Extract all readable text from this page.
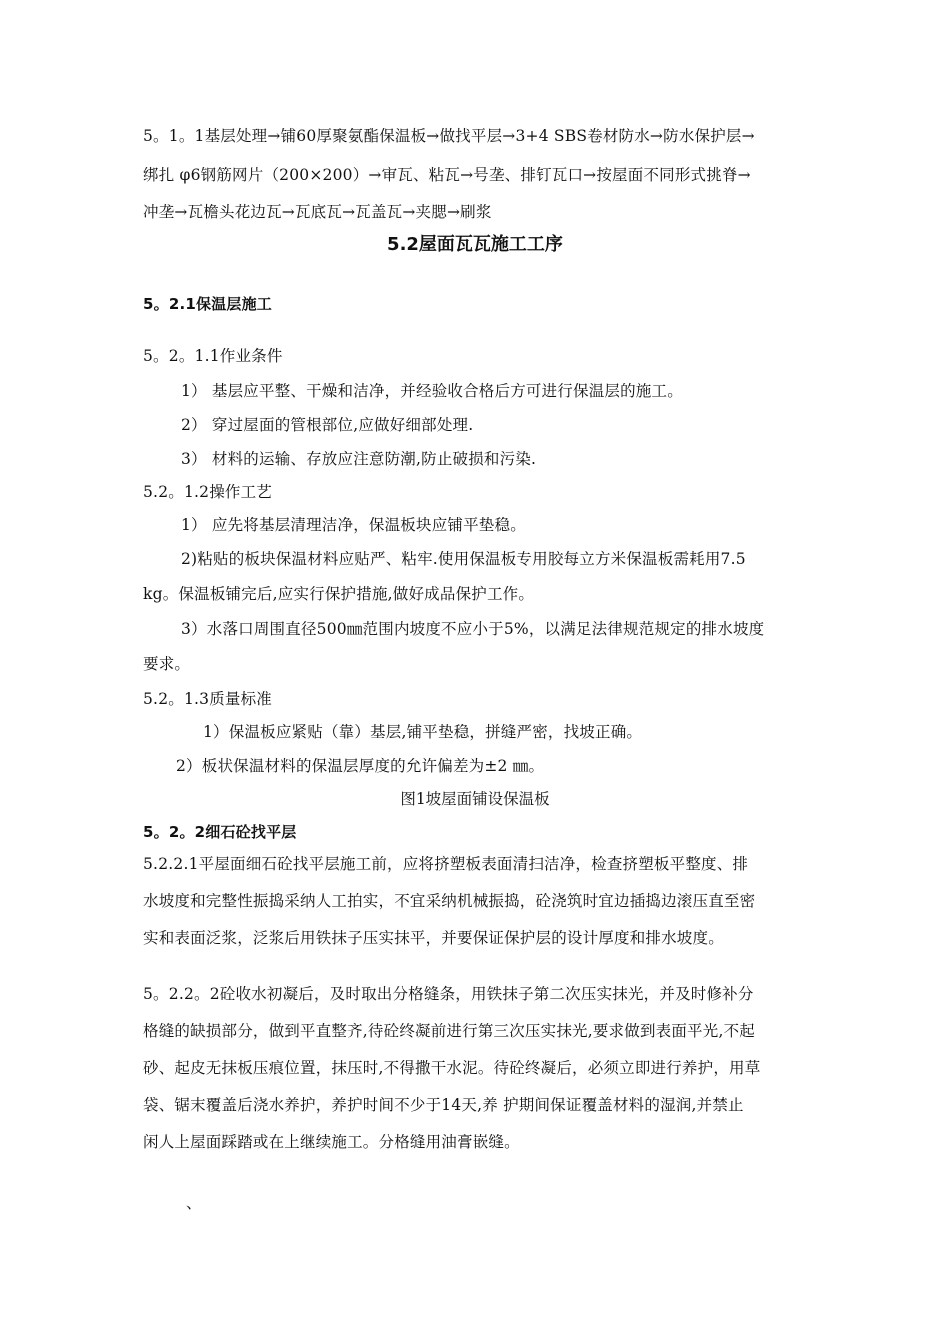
5。1。1基层处理→铺60厚聚氨酯保温板→做找平层→3+4 SBS卷材防水→防水保护层→
绑扎 φ6钢筋网片（200×200）→审瓦、粘瓦→号垄、排钉瓦口→按屋面不同形式挑脊→
冲垄→瓦檐头花边瓦→瓦底瓦→瓦盖瓦→夹腮→刷浆
5.2屋面瓦瓦施工工序
5。2.1保温层施工
5。2。1.1作业条件
1） 基层应平整、干燥和洁净，并经验收合格后方可进行保温层的施工。
2） 穿过屋面的管根部位,应做好细部处理.
3） 材料的运输、存放应注意防潮,防止破损和污染.
5.2。1.2操作工艺
1） 应先将基层清理洁净，保温板块应铺平垫稳。
2)粘贴的板块保温材料应贴严、粘牢.使用保温板专用胶每立方米保温板需耗用7.5
kg。保温板铺完后,应实行保护措施,做好成品保护工作。
3）水落口周围直径500㎜范围内坡度不应小于5%，以满足法律规范规定的排水坡度
要求。
5.2。1.3质量标准
1）保温板应紧贴（靠）基层,铺平垫稳，拼缝严密，找坡正确。
2）板状保温材料的保温层厚度的允许偏差为±2 ㎜。
图1坡屋面铺设保温板
5。2。2细石砼找平层
5.2.2.1平屋面细石砼找平层施工前，应将挤塑板表面清扫洁净，检查挤塑板平整度、排
水坡度和完整性振捣采纳人工拍实，不宜采纳机械振捣，砼浇筑时宜边插捣边滚压直至密
实和表面泛浆，泛浆后用铁抹子压实抹平，并要保证保护层的设计厚度和排水坡度。
5。2.2。2砼收水初凝后，及时取出分格缝条，用铁抹子第二次压实抹光，并及时修补分
格缝的缺损部分，做到平直整齐,待砼终凝前进行第三次压实抹光,要求做到表面平光,不起
砂、起皮无抹板压痕位置，抹压时,不得撒干水泥。待砼终凝后，必须立即进行养护，用草
袋、锯末覆盖后浇水养护，养护时间不少于14天,养 护期间保证覆盖材料的湿润,并禁止
闲人上屋面踩踏或在上继续施工。分格缝用油膏嵌缝。
、
